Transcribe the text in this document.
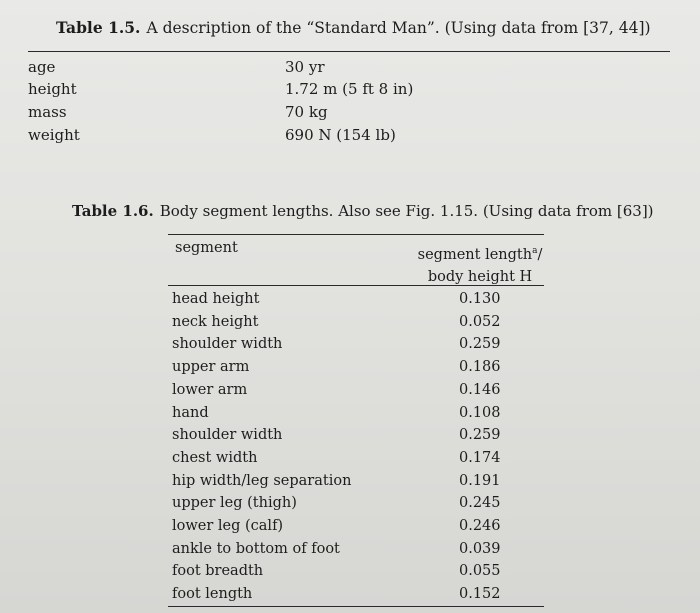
Table 1.5. A description of the “Standard Man”. (Using data from [37, 44])
age	30 yr
height	1.72 m (5 ft 8 in)
mass	70 kg
weight	690 N (154 lb)
Table 1.6. Body segment lengths. Also see Fig. 1.15. (Using data from [63])
segment	segment length$^a$/
body height H
head height	0.130
neck height	0.052
shoulder width	0.259
upper arm	0.186
lower arm	0.146
hand	0.108
shoulder width	0.259
chest width	0.174
hip width/leg separation	0.191
upper leg (thigh)	0.245
lower leg (calf)	0.246
ankle to bottom of foot	0.039
foot breadth	0.055
foot length	0.152
